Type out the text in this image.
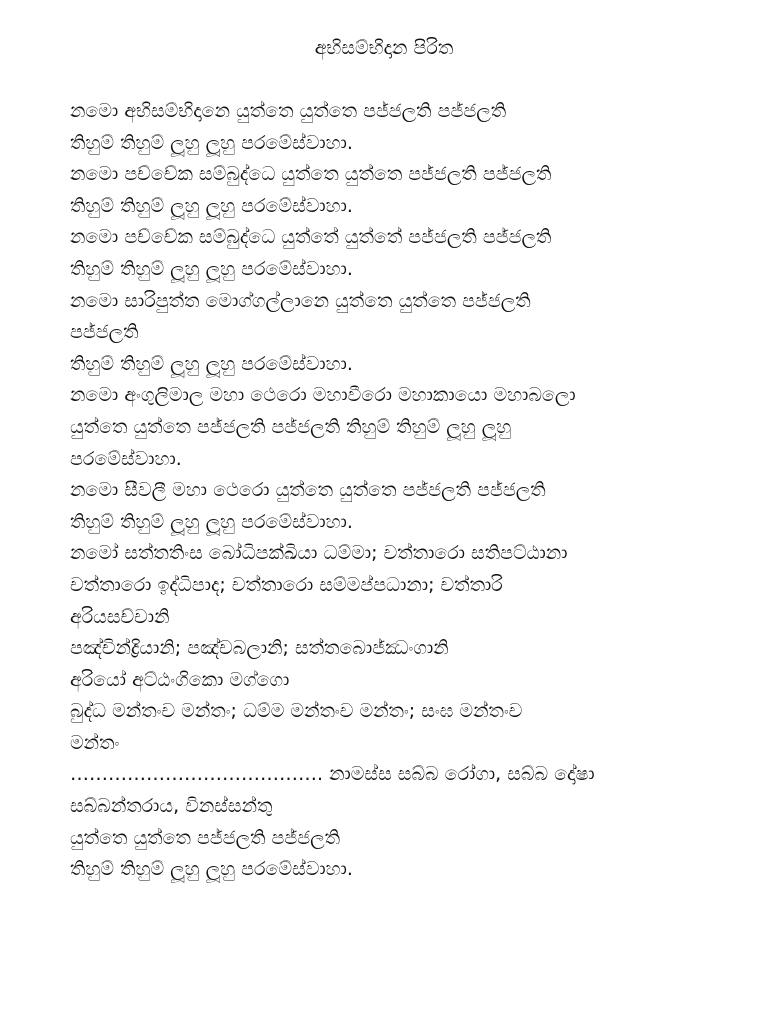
අභිසම්භිදාන පිරිත
නමො අභිසම්භිදානෙ යුත්තෙ යුත්තෙ පජ්ජලති පජ්ජලති
තිහුම් තිහුම් ලූහු ලූහු පරමේස්වාහා.
නමො පච්චේක සම්බුද්ධෙ යුත්තෙ යුත්තෙ පජ්ජලති පජ්ජලති
තිහුම් තිහුම් ලූහු ලූහු පරමේස්වාහා.
නමො පච්චේක සම්බුද්ධෙ යුත්තේ යුත්තේ පජ්ජලති පජ්ජලති
තිහුම් තිහුම් ලූහු ලූහු පරමේස්වාහා.
නමො සාරිපුත්ත මොග්ගල්ලානෙ යුත්තෙ යුත්තෙ පජ්ජලති
පජ්ජලති
තිහුම් තිහුම් ලූහු ලූහු පරමේස්වාහා.
නමො අංගුලිමාල මහා ථෙරො මහාවීරො මහාකායො මහාබලො
යුත්තෙ යුත්තෙ පජ්ජලති පජ්ජලති තිහුම් තිහුම් ලූහු ලූහු
පරමේස්වාහා.
නමො සීවලී මහා ථෙරො යුත්තෙ යුත්තෙ පජ්ජලති පජ්ජලති
තිහුම් තිහුම් ලූහු ලූහු පරමේස්වාහා.
නමෝ සත්තතිංස බෝධිපක්ඛියා ධම්මා; චත්තාරො සතිපට්ඨානා
චත්තාරො ඉද්ධිපාද; චත්තාරො සම්මප්පධානා; චත්තාරි
අරියසච්චානි
පඤ්චින්ද්‍රියානි; පඤ්චබලානි; සත්තබොජ්ඣංගානි
අරියෝ අට්ඨංගිකො මග්ගො
බුද්ධ මන්තංච මන්තං; ධම්ම මන්තංච මන්තං; සංඝ මන්තංච
මන්තං
…………………………………. නාමස්ස සබ්බ රෝගා, සබ්බ දෝෂා
සබ්බන්තරාය, විනස්සන්තු
යුත්තෙ යුත්තෙ පජ්ජලති පජ්ජලති
තිහුම් තිහුම් ලූහු ලූහු පරමේස්වාහා.
